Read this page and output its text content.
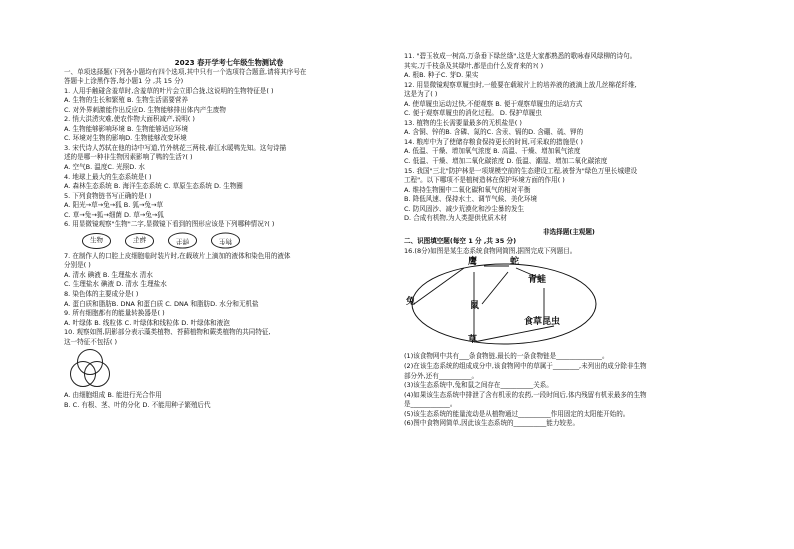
2023 春开学考七年级生物测试卷
一、单项选择题(下列各小题均有四个选项,其中只有一个选项符合题意,请将其序号在
答题卡上涂黑作答,每小题1 分 ,共 15 分)
1. 人用手触碰含羞草时,含羞草的叶片会立即合拢,这说明的生物特征是( )
A. 生物的生长和繁殖 B. 生物生活需要营养
C. 对外界刺激能作出反应D. 生物能够排出体内产生废物
2. 悄大洪涝灾难,使农作物大面积减产,说明( )
A. 生物能够影响环境 B. 生物能够适应环境
C. 环境对生物的影响D. 生物能够改变环境
3. 宋代诗人苏轼在他的诗中写道,竹外桃花三两枝,春江水暖鸭先知。这句诗描
述的是哪一种非生物因素影响了鸭的生活?( )
A. 空气B. 温度C. 光照D. 水
4. 地球上最大的生态系统是( )
A. 森林生态系统 B. 海洋生态系统 C. 草原生态系统 D. 生物圈
5. 下列食物链书写正确的是( )
A. 阳光→草→兔→狐 B. 狐→兔→草
C. 草→兔→狐→细菌 D. 草→兔→狐
6. 用显微镜观察"生物"二字,显微镜下看到的图形应该是下列哪种情况?( )
生物	物生	生物	物生
7. 在制作人的口腔上皮细胞临时装片时,在载玻片上滴加的液体和染色用的液体
分别是( )
A. 清水 碘液 B. 生理盐水 清水
C. 生理盐水 碘液 D. 清水 生理盐水
8. 染色体的主要成分是( )
A. 蛋白质和脂肪B. DNA 和蛋白质 C. DNA 和脂肪D. 水分和无机盐
9. 所有细胞都有的能量转换器是( )
A. 叶绿体 B. 线粒体 C. 叶绿体和线粒体 D. 叶绿体和液泡
10. 观察如图,阴影部分表示藻类植物、苔藓植物和蕨类植物的共同特征,
这一特征不包括( )
A. 由细胞组成 B. 能进行光合作用
B. C. 有根、茎、叶的分化 D. 不能用种子繁殖后代
11. "碧玉妆成一树高,万条垂下绿丝绦",这是大家都熟悉的歌咏春风绿柳的诗句。
其实,万千枝条及其绿叶,都是由什么发育来的?( )
A. 根B. 种子C. 芽D. 果实
12. 用显微镜观察草履虫时,一般要在载玻片上的培养液的液滴上放几丝棉花纤维,
这是为了( )
A. 使草履虫运动过快,不便观察 B. 便于观察草履虫的运动方式
C. 便于观察草履虫的消化过程。 D. 保护草履虫
13. 植物的生长需要量最多的无机盐是( )
A. 含铜、锌的B. 含磷、氮的C. 含汞、镉的D. 含硼、硫、钾的
14. 粮库中为了使储存粮食保持更长的时间,可采取的措施是( )
A. 低温、干燥、增加氧气浓度 B. 高温、干燥、增加氧气浓度
C. 低温、干燥、增加二氧化碳浓度 D. 低温、潮湿、增加二氧化碳浓度
15. 我国"三北"防护林是一项规模空前的生态建设工程,被誉为"绿色万里长城建设
工程"。以下哪项不是植树造林在保护环境方面的作用( )
A. 维持生物圈中二氧化碳和氧气的相对平衡
B. 降低风速、保持水土、调节气候、美化环境
C. 防风固沙、减少荒漠化和沙尘暴的发生
D. 合成有机物,为人类提供优质木材
非选择题(主观题)
二、识图填空题(每空 1 分 ,共 35 分)
16.(8分)如图是某生态系统食物网简图,据图完成下列题目。
鹰	蛇
青蛙
兔	鼠
食草昆虫
草
(1)该食物网中共有___条食物链,最长的一条食物链是______________。
(2)在该生态系统的组成成分中,该食物网中的草属于________,未列出的成分除非生物
部分外,还有__________。
(3)该生态系统中,兔和鼠之间存在__________关系。
(4)如果该生态系统中排泄了含有机汞的农药,一段时间后,体内残留有机汞最多的生物
是____________。
(5)该生态系统的能量流动是从植物通过__________作用固定的太阳能开始的。
(6)图中食物网简单,因此该生态系统的__________能力较差。
